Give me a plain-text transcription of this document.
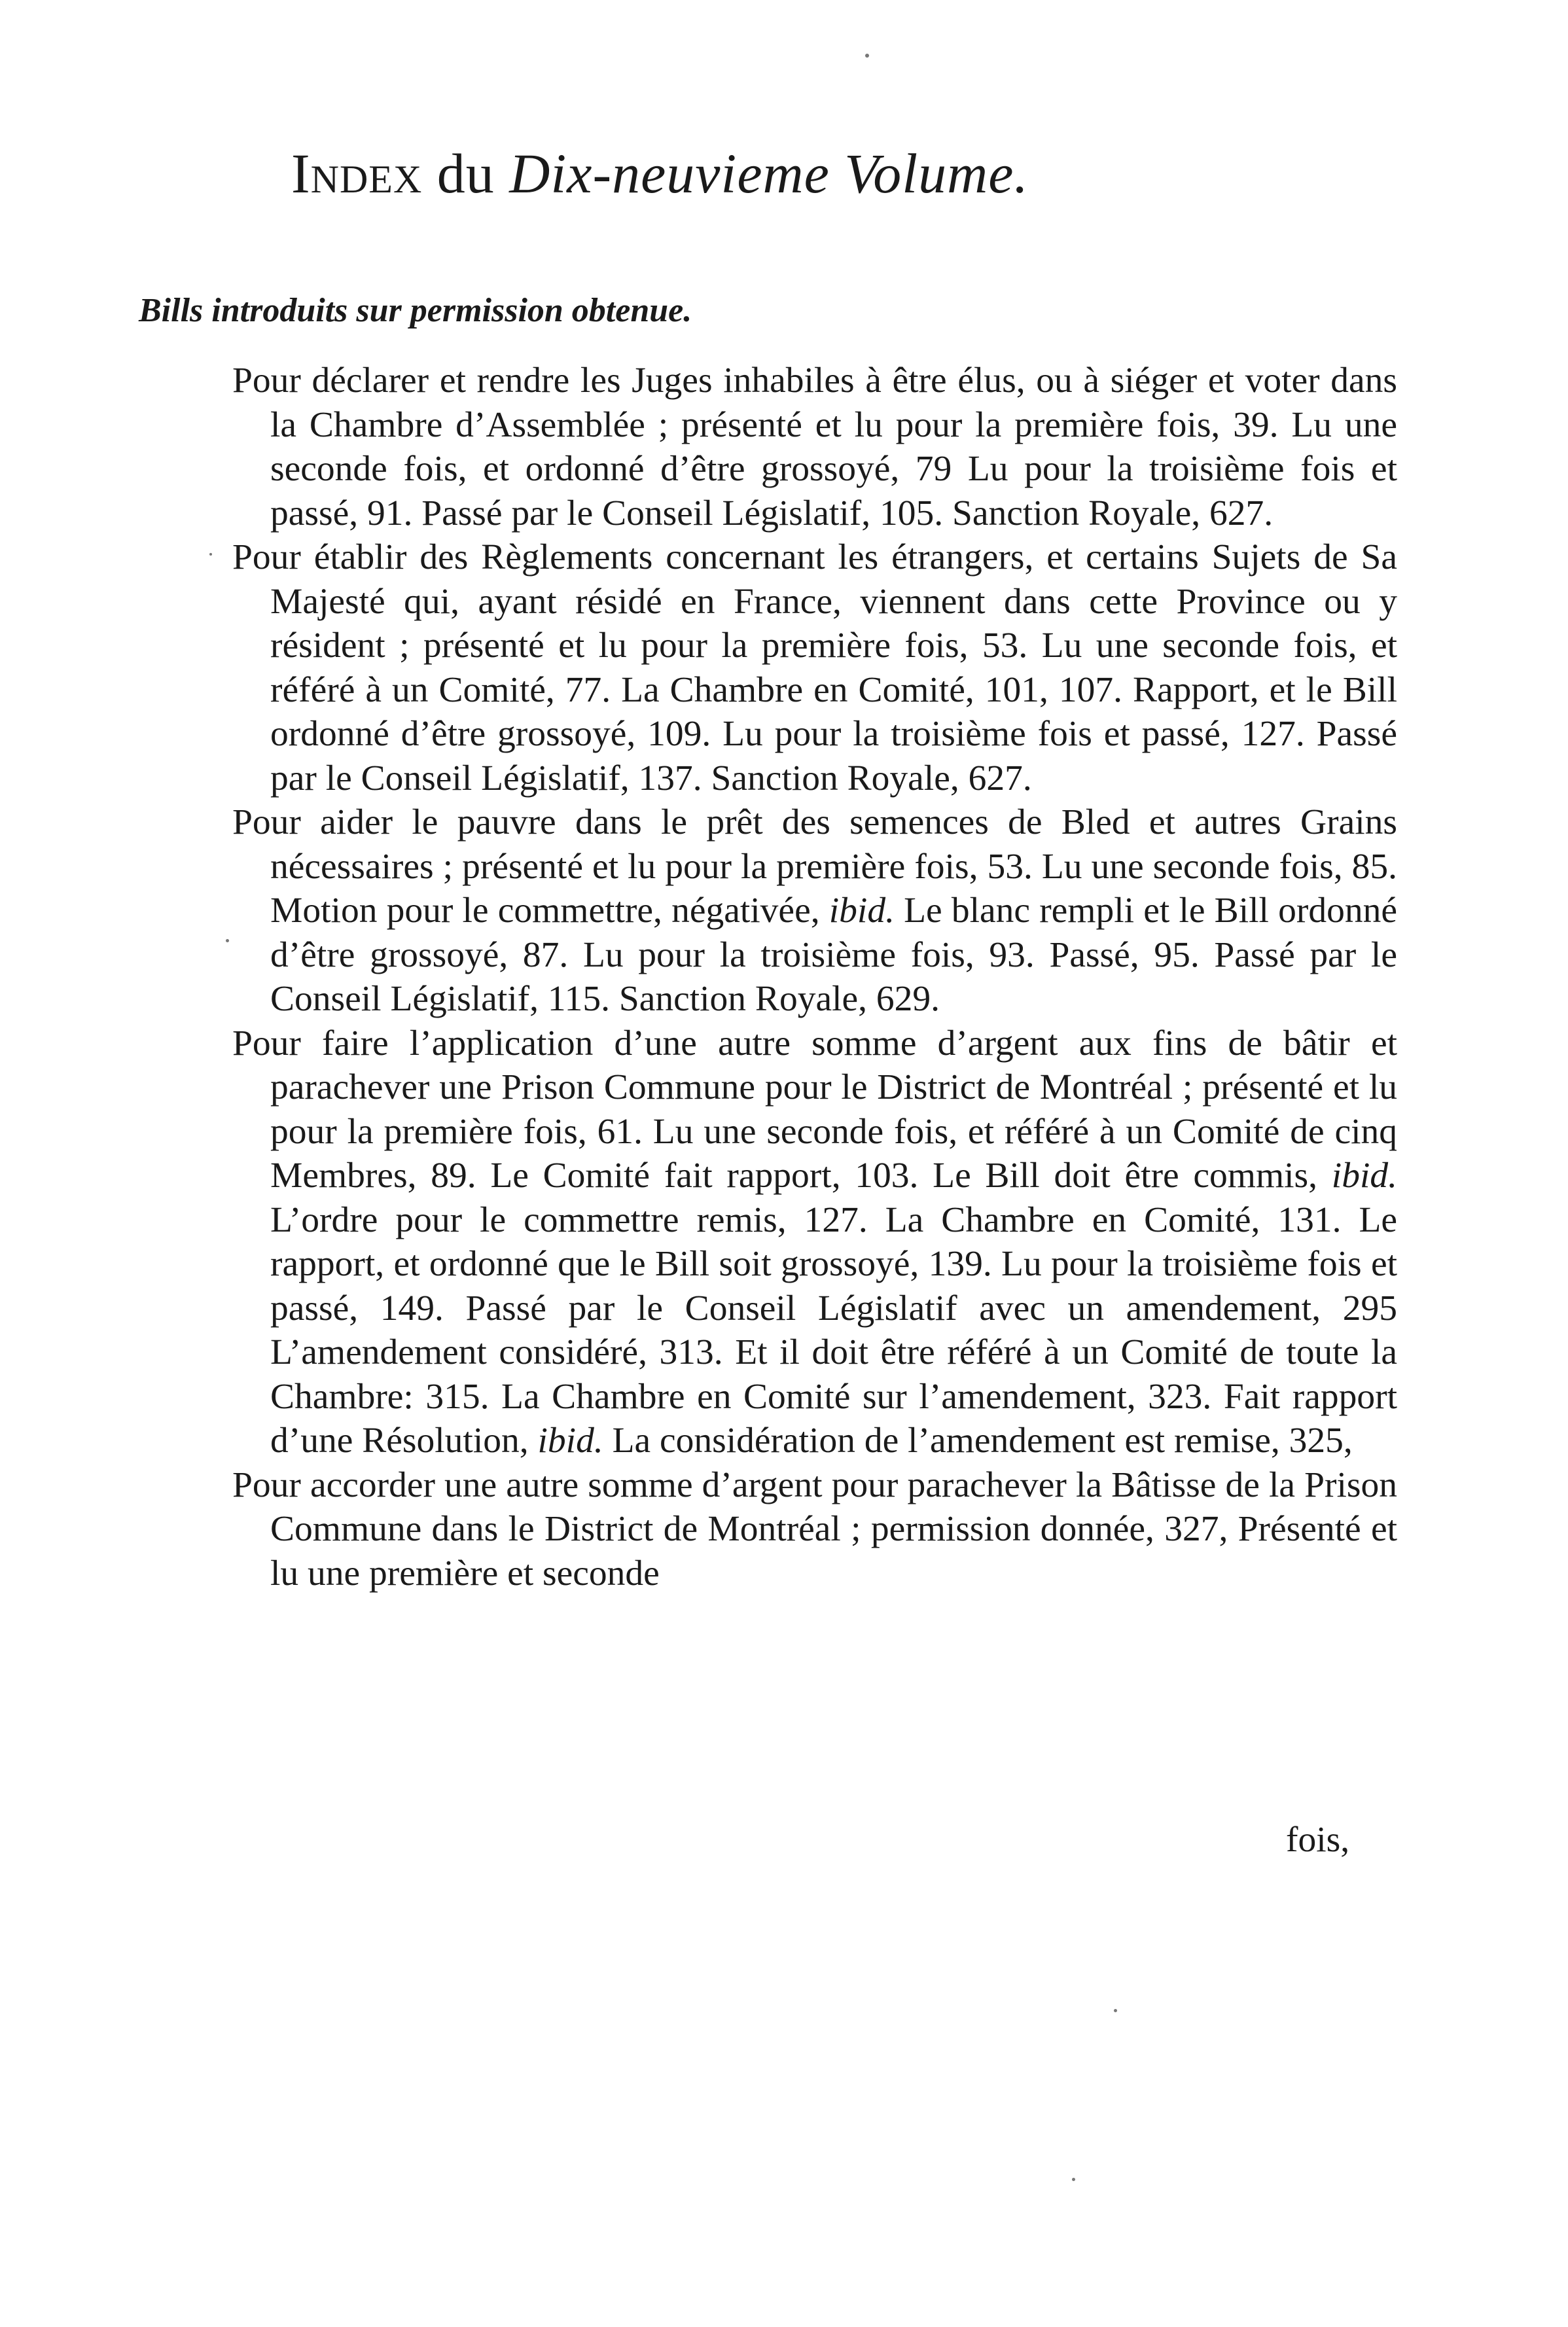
Index du Dix-neuvieme Volume.
Bills introduits sur permission obtenue.

Pour déclarer et rendre les Juges inhabiles à être élus, ou à siéger et voter dans la Chambre d’Assemblée ; présenté et lu pour la première fois, 39. Lu une seconde fois, et ordonné d’être grossoyé, 79 Lu pour la troisième fois et passé, 91. Passé par le Conseil Législatif, 105. Sanction Royale, 627.

Pour établir des Règlements concernant les étrangers, et certains Sujets de Sa Majesté qui, ayant résidé en France, viennent dans cette Province ou y résident ; présenté et lu pour la première fois, 53. Lu une seconde fois, et référé à un Comité, 77. La Chambre en Comité, 101, 107. Rapport, et le Bill ordonné d’être grossoyé, 109. Lu pour la troisième fois et passé, 127. Passé par le Conseil Législatif, 137. Sanction Royale, 627.

Pour aider le pauvre dans le prêt des semences de Bled et autres Grains nécessaires ; présenté et lu pour la première fois, 53. Lu une seconde fois, 85. Motion pour le commettre, négativée, ibid. Le blanc rempli et le Bill ordonné d’être grossoyé, 87. Lu pour la troisième fois, 93. Passé, 95. Passé par le Conseil Législatif, 115. Sanction Royale, 629.

Pour faire l’application d’une autre somme d’argent aux fins de bâtir et parachever une Prison Commune pour le District de Montréal ; présenté et lu pour la première fois, 61. Lu une seconde fois, et référé à un Comité de cinq Membres, 89. Le Comité fait rapport, 103. Le Bill doit être commis, ibid. L’ordre pour le commettre remis, 127. La Chambre en Comité, 131. Le rapport, et ordonné que le Bill soit grossoyé, 139. Lu pour la troisième fois et passé, 149. Passé par le Conseil Législatif avec un amendement, 295 L’amendement considéré, 313. Et il doit être référé à un Comité de toute la Chambre: 315. La Chambre en Comité sur l’amendement, 323. Fait rapport d’une Résolution, ibid. La considération de l’amendement est remise, 325,

Pour accorder une autre somme d’argent pour parachever la Bâtisse de la Prison Commune dans le District de Montréal ; permission donnée, 327, Présenté et lu une première et seconde

fois,
